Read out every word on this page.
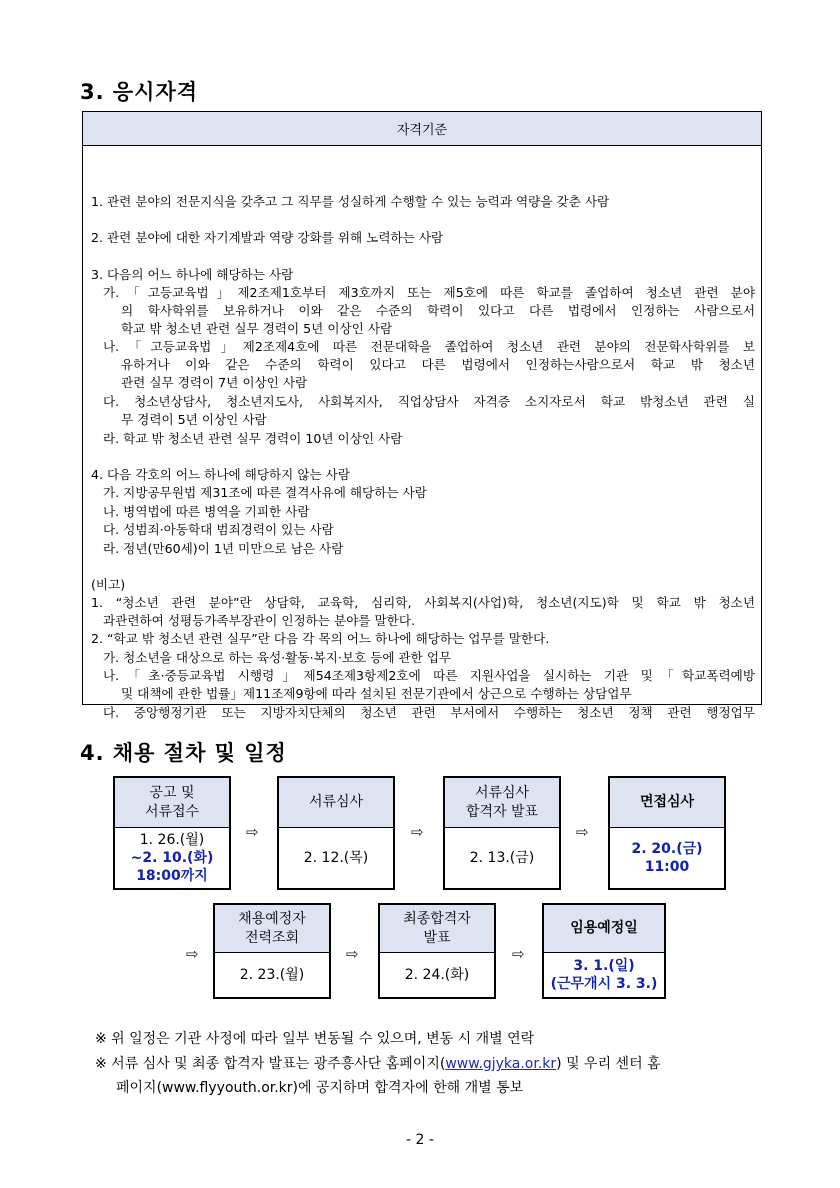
3. 응시자격
자격기준
1. 관련 분야의 전문지식을 갖추고 그 직무를 성실하게 수행할 수 있는 능력과 역량을 갖춘 사람
2. 관련 분야에 대한 자기계발과 역량 강화를 위해 노력하는 사람
3. 다음의 어느 하나에 해당하는 사람
가.「고등교육법」제2조제1호부터 제3호까지 또는 제5호에 따른 학교를 졸업하여 청소년 관련 분야
의 학사학위를 보유하거나 이와 같은 수준의 학력이 있다고 다른 법령에서 인정하는 사람으로서
학교 밖 청소년 관련 실무 경력이 5년 이상인 사람
나.「고등교육법」제2조제4호에 따른 전문대학을 졸업하여 청소년 관련 분야의 전문학사학위를 보
유하거나 이와 같은 수준의 학력이 있다고 다른 법령에서 인정하는사람으로서 학교 밖 청소년
관련 실무 경력이 7년 이상인 사람
다. 청소년상담사, 청소년지도사, 사회복지사, 직업상담사 자격증 소지자로서 학교 밖청소년 관련 실
무 경력이 5년 이상인 사람
라. 학교 밖 청소년 관련 실무 경력이 10년 이상인 사람
4. 다음 각호의 어느 하나에 해당하지 않는 사람
가. 지방공무원법 제31조에 따른 결격사유에 해당하는 사람
나. 병역법에 따른 병역을 기피한 사람
다. 성범죄·아동학대 범죄경력이 있는 사람
라. 정년(만60세)이 1년 미만으로 남은 사람
(비고)
1. “청소년 관련 분야”란 상담학, 교육학, 심리학, 사회복지(사업)학, 청소년(지도)학 및 학교 밖 청소년
과관련하여 성평등가족부장관이 인정하는 분야를 말한다.
2. “학교 밖 청소년 관련 실무”란 다음 각 목의 어느 하나에 해당하는 업무를 말한다.
가. 청소년을 대상으로 하는 육성·활동·복지·보호 등에 관한 업무
나.「초·중등교육법 시행령」제54조제3항제2호에 따른 지원사업을 실시하는 기관 및「학교폭력예방
및 대책에 관한 법률」제11조제9항에 따라 설치된 전문기관에서 상근으로 수행하는 상담업무
다. 중앙행정기관 또는 지방자치단체의 청소년 관련 부서에서 수행하는 청소년 정책 관련 행정업무
4. 채용 절차 및 일정
공고 및
서류접수
1. 26.(월)
~2. 10.(화)
18:00까지
⇨
서류심사
2. 12.(목)
⇨
서류심사
합격자 발표
2. 13.(금)
⇨
면접심사
2. 20.(금)
11:00
⇨
채용예정자
전력조회
2. 23.(월)
⇨
최종합격자
발표
2. 24.(화)
⇨
임용예정일
3. 1.(일)
(근무개시 3. 3.)
※ 위 일정은 기관 사정에 따라 일부 변동될 수 있으며, 변동 시 개별 연락
※ 서류 심사 및 최종 합격자 발표는 광주흥사단 홈페이지(www.gjyka.or.kr) 및 우리 센터 홈
페이지(www.flyyouth.or.kr)에 공지하며 합격자에 한해 개별 통보
- 2 -
